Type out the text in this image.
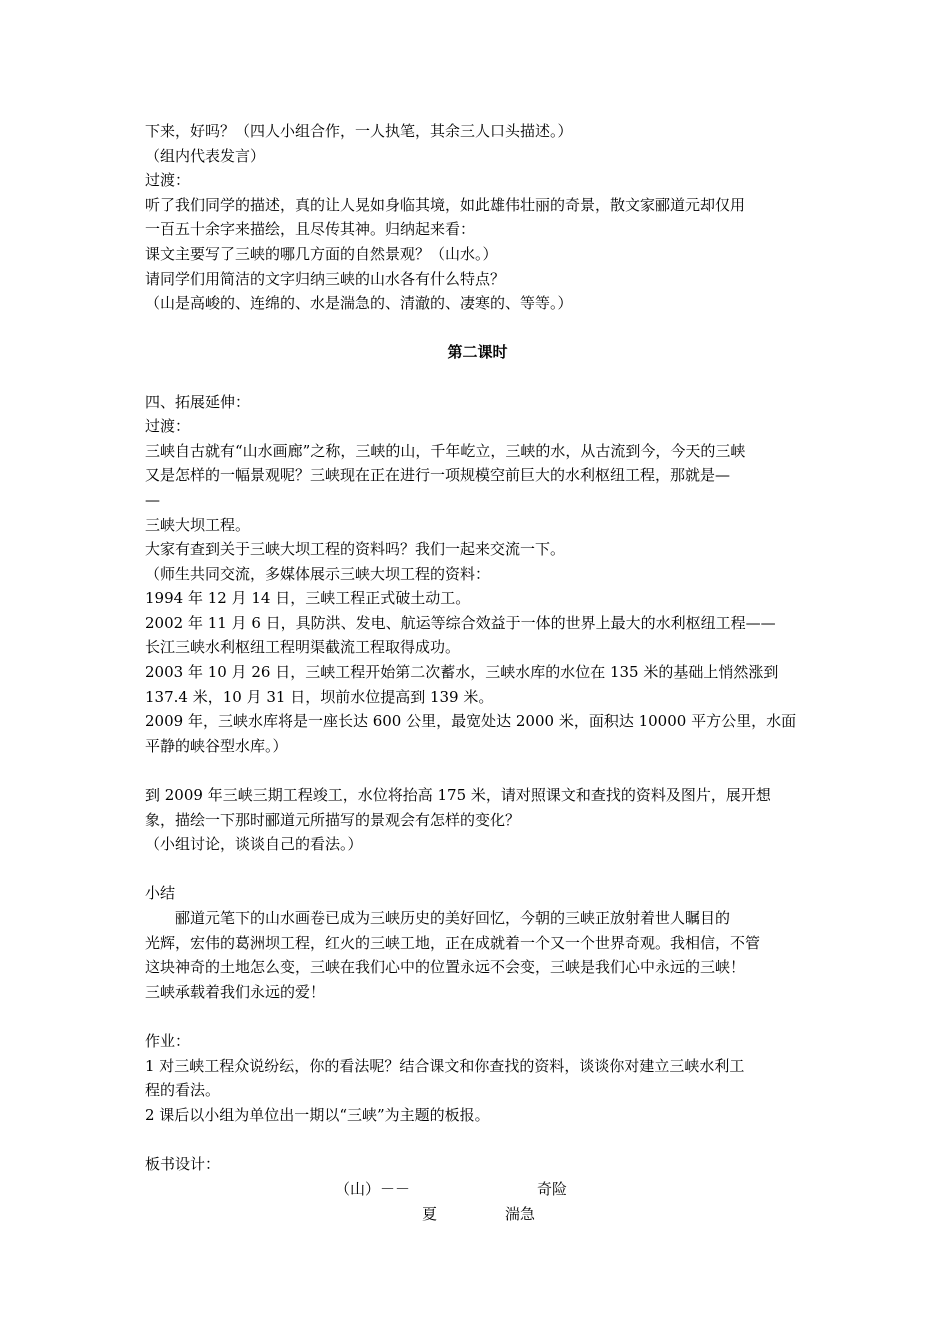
下来，好吗？（四人小组合作，一人执笔，其余三人口头描述。）
（组内代表发言）
过渡：
听了我们同学的描述，真的让人晃如身临其境，如此雄伟壮丽的奇景，散文家郦道元却仅用
一百五十余字来描绘，且尽传其神。归纳起来看：
课文主要写了三峡的哪几方面的自然景观？（山水。）
请同学们用简洁的文字归纳三峡的山水各有什么特点？
（山是高峻的、连绵的、水是湍急的、清澈的、凄寒的、等等。）
第二课时
四、拓展延伸：
过渡：
三峡自古就有“山水画廊”之称，三峡的山，千年屹立，三峡的水，从古流到今，今天的三峡
又是怎样的一幅景观呢？三峡现在正在进行一项规模空前巨大的水利枢纽工程，那就是—
—
三峡大坝工程。
大家有查到关于三峡大坝工程的资料吗？我们一起来交流一下。
（师生共同交流，多媒体展示三峡大坝工程的资料：
1994 年 12 月 14 日，三峡工程正式破土动工。
2002 年 11 月 6 日，具防洪、发电、航运等综合效益于一体的世界上最大的水利枢纽工程——
长江三峡水利枢纽工程明渠截流工程取得成功。
2003 年 10 月 26 日，三峡工程开始第二次蓄水，三峡水库的水位在 135 米的基础上悄然涨到
137.4 米，10 月 31 日，坝前水位提高到 139 米。
2009 年，三峡水库将是一座长达 600 公里，最宽处达 2000 米，面积达 10000 平方公里，水面
平静的峡谷型水库。）
到 2009 年三峡三期工程竣工，水位将抬高 175 米，请对照课文和查找的资料及图片，展开想
象，描绘一下那时郦道元所描写的景观会有怎样的变化？
（小组讨论，谈谈自己的看法。）
小结
郦道元笔下的山水画卷已成为三峡历史的美好回忆，今朝的三峡正放射着世人瞩目的
光辉，宏伟的葛洲坝工程，红火的三峡工地，正在成就着一个又一个世界奇观。我相信，不管
这块神奇的土地怎么变，三峡在我们心中的位置永远不会变，三峡是我们心中永远的三峡！
三峡承载着我们永远的爱！
作业：
1 对三峡工程众说纷纭，你的看法呢？结合课文和你查找的资料，谈谈你对建立三峡水利工
程的看法。
2 课后以小组为单位出一期以“三峡”为主题的板报。
板书设计：
（山）－－	奇险
夏	湍急
